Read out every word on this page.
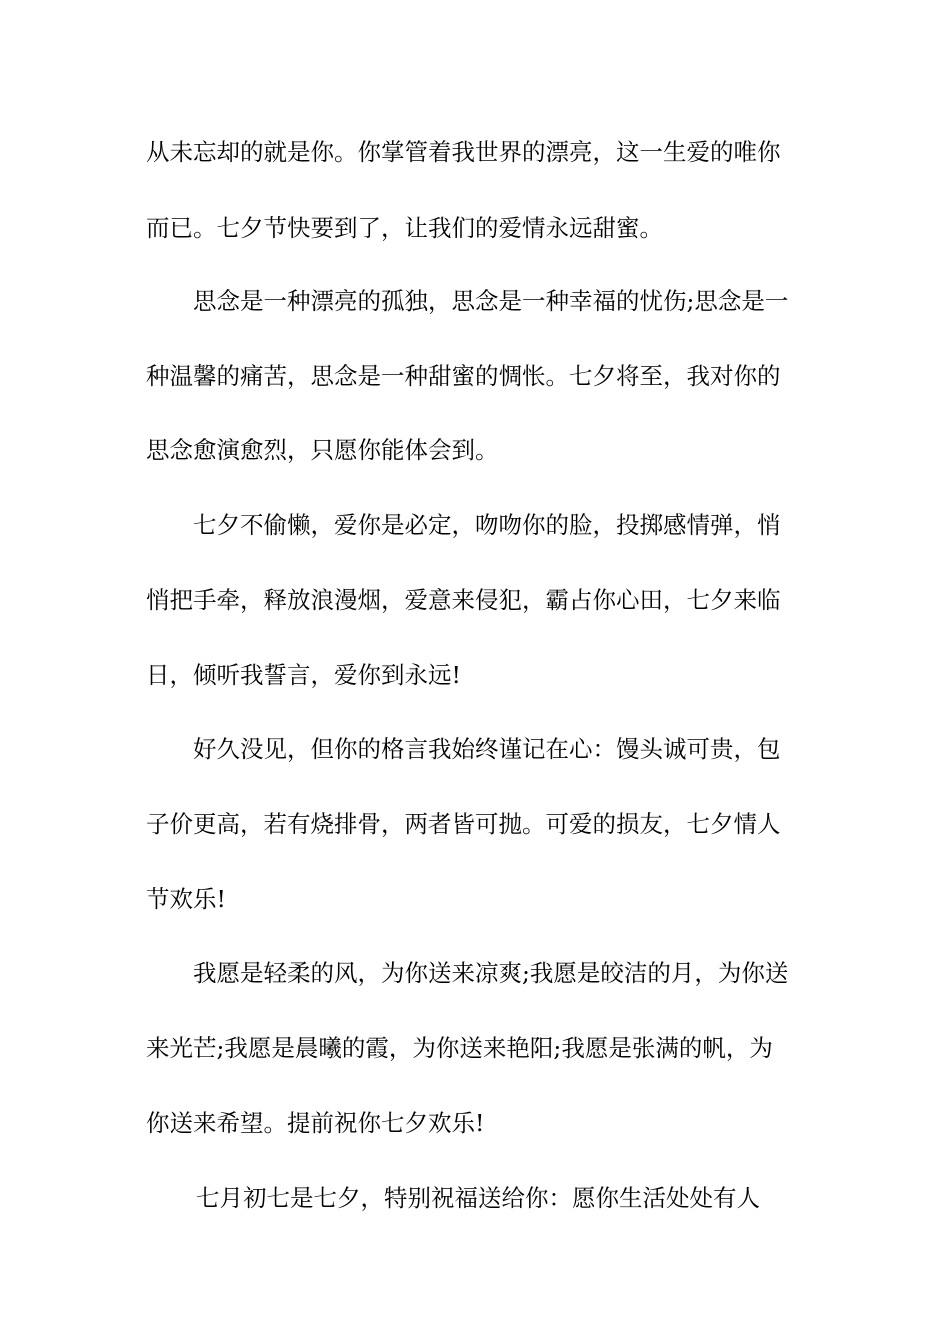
从未忘却的就是你。你掌管着我世界的漂亮，这一生爱的唯你

而已。七夕节快要到了，让我们的爱情永远甜蜜。

思念是一种漂亮的孤独，思念是一种幸福的忧伤;思念是一

种温馨的痛苦，思念是一种甜蜜的惆怅。七夕将至，我对你的

思念愈演愈烈，只愿你能体会到。

七夕不偷懒，爱你是必定，吻吻你的脸，投掷感情弹，悄

悄把手牵，释放浪漫烟，爱意来侵犯，霸占你心田，七夕来临

日，倾听我誓言，爱你到永远!

好久没见，但你的格言我始终谨记在心：馒头诚可贵，包

子价更高，若有烧排骨，两者皆可抛。可爱的损友，七夕情人

节欢乐!

我愿是轻柔的风，为你送来凉爽;我愿是皎洁的月，为你送

来光芒;我愿是晨曦的霞，为你送来艳阳;我愿是张满的帆，为

你送来希望。提前祝你七夕欢乐!

七月初七是七夕，特别祝福送给你：愿你生活处处有人
